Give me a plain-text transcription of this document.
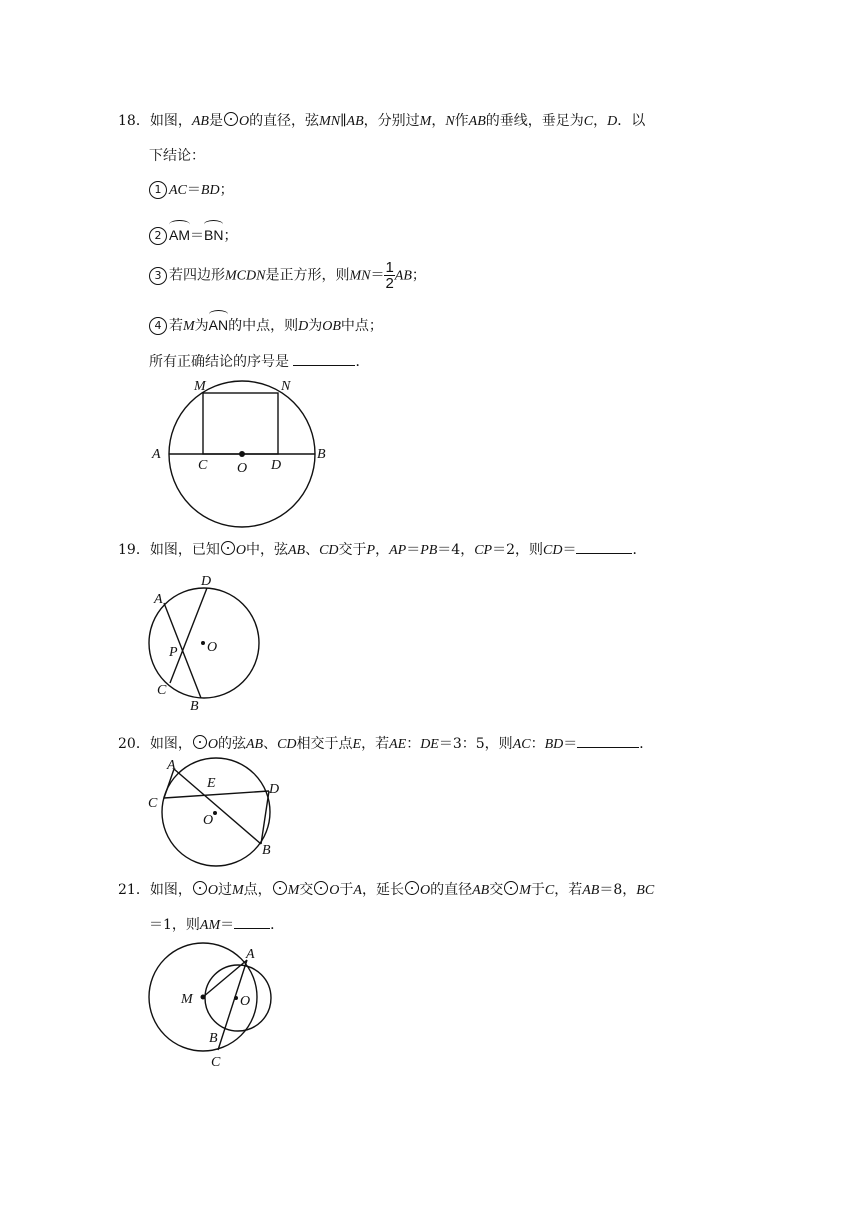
18．如图，AB是 O的直径，弦MN∥AB，分别过M，N作AB的垂线，垂足为C，D．以
下结论：
1 AC＝BD；
2 AM＝BN；
3 若四边形MCDN是正方形，则$MN= \frac{1}{2}$ AB；
4 若M为AN的中点，则D为OB中点；
所有正确结论的序号是	．
M	N
A
C O D
B
19．如图，已知 O中，弦AB、CD交于P，AP＝PB＝4，CP＝2，则CD＝	．
D
A
O
P
C
B
20．如图， O的弦AB、CD相交于点E，若AE：DE＝3：5，则AC：BD＝	．
A
E	D
C
O
B
21．如图， O过M点， M交 O于A，延长 O的直径AB交 M于C，若AB＝8，BC
＝1，则AM＝	．
A
M	O
B
C
